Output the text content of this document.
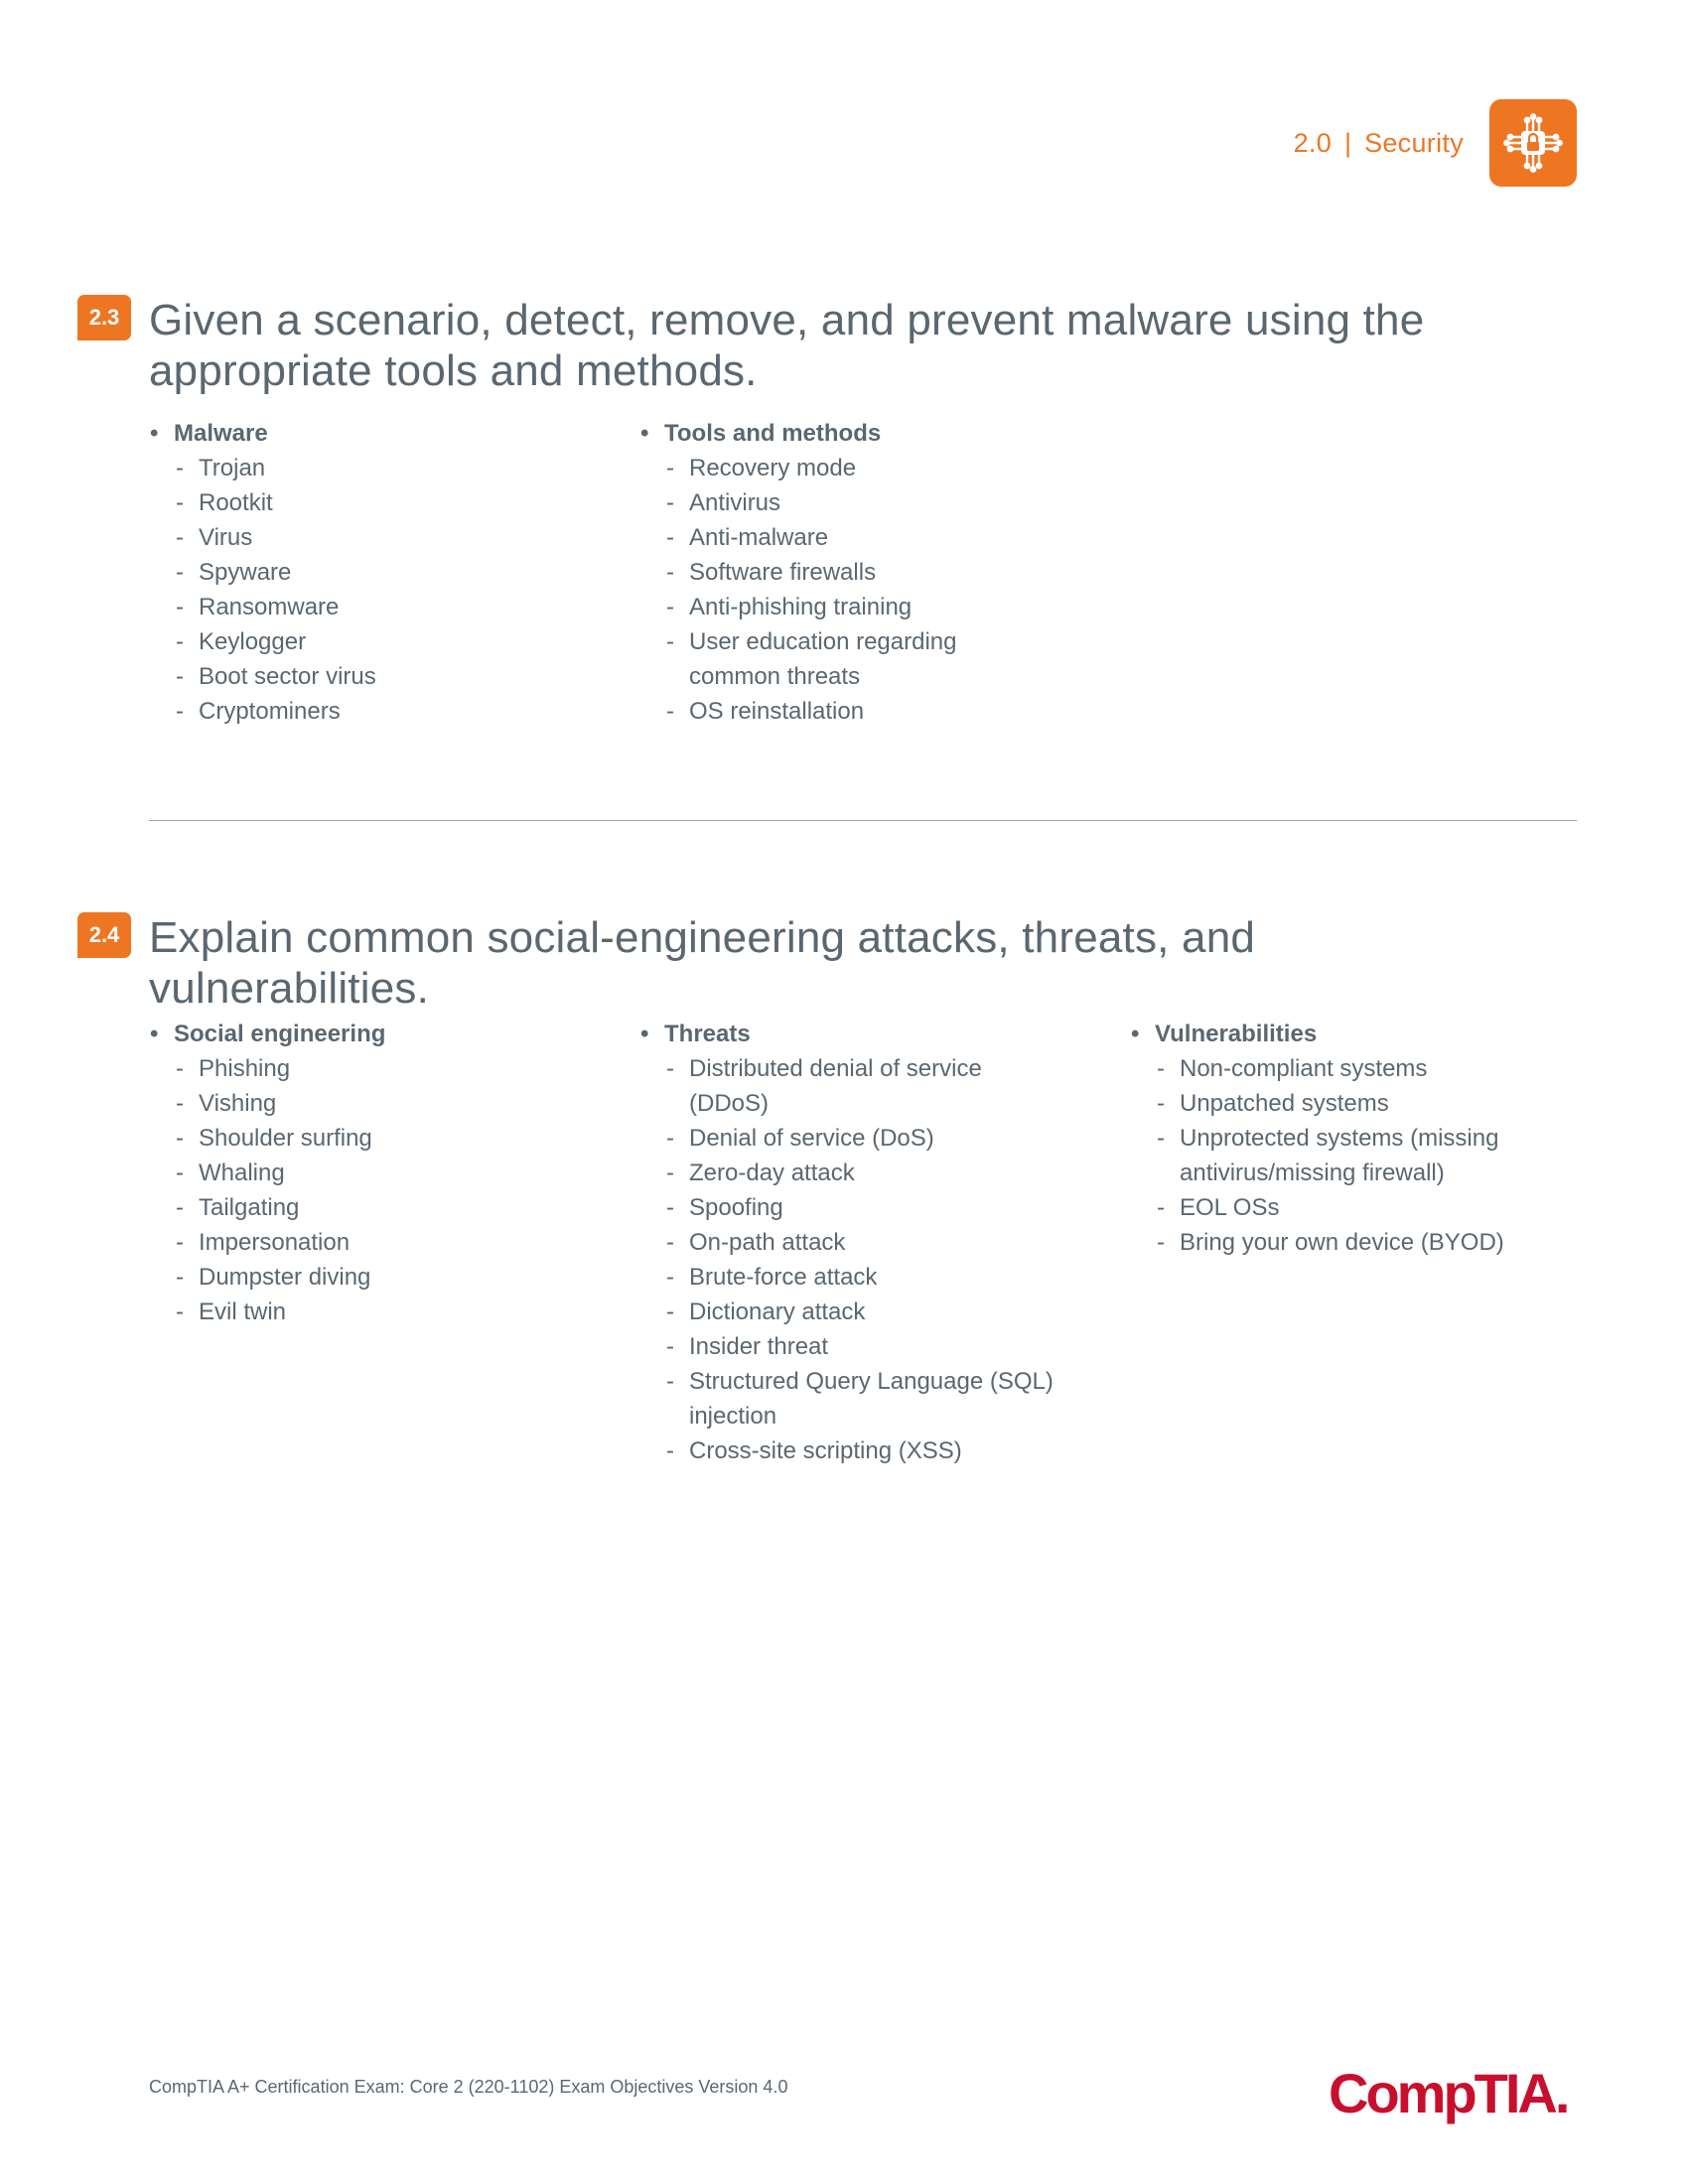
2.0 | Security
2.3 Given a scenario, detect, remove, and prevent malware using the appropriate tools and methods.
• Malware
- Trojan
- Rootkit
- Virus
- Spyware
- Ransomware
- Keylogger
- Boot sector virus
- Cryptominers
• Tools and methods
- Recovery mode
- Antivirus
- Anti-malware
- Software firewalls
- Anti-phishing training
- User education regarding common threats
- OS reinstallation
2.4 Explain common social-engineering attacks, threats, and vulnerabilities.
• Social engineering
- Phishing
- Vishing
- Shoulder surfing
- Whaling
- Tailgating
- Impersonation
- Dumpster diving
- Evil twin
• Threats
- Distributed denial of service (DDoS)
- Denial of service (DoS)
- Zero-day attack
- Spoofing
- On-path attack
- Brute-force attack
- Dictionary attack
- Insider threat
- Structured Query Language (SQL) injection
- Cross-site scripting (XSS)
• Vulnerabilities
- Non-compliant systems
- Unpatched systems
- Unprotected systems (missing antivirus/missing firewall)
- EOL OSs
- Bring your own device (BYOD)
CompTIA A+ Certification Exam: Core 2 (220-1102) Exam Objectives Version 4.0	CompTIA.
